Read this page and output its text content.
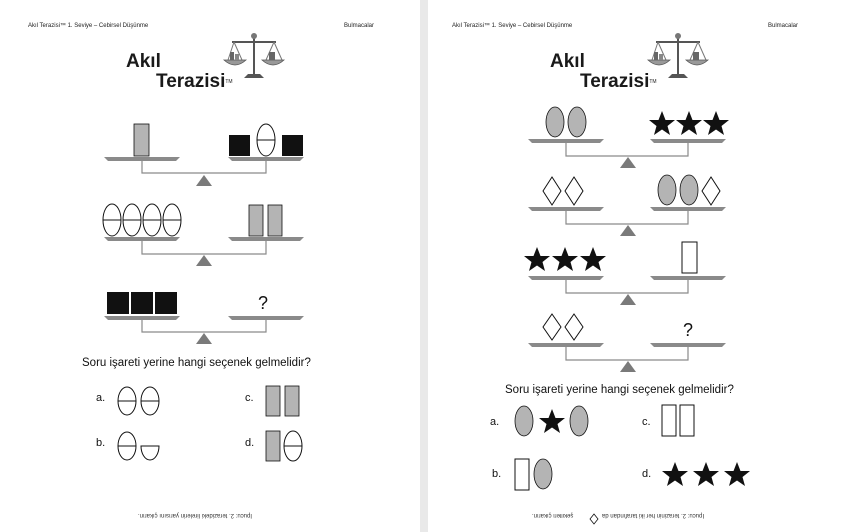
Akıl Terazisi™ 1. Seviye – Cebirsel Düşünme	Bulmacalar
Akıl
Terazisi™
?
Soru işareti yerine hangi seçenek gelmelidir?
a.
b.
c.
d.
İpucu: 2. terazideki lirelerin yarısını çıkarın.
Akıl Terazisi™ 1. Seviye – Cebirsel Düşünme	Bulmacalar
Akıl
Terazisi™
?
Soru işareti yerine hangi seçenek gelmelidir?
a.	c.
b.	d.
şekilleri çıkarın.	İpucu: 2. terazinin her iki tarafından da
